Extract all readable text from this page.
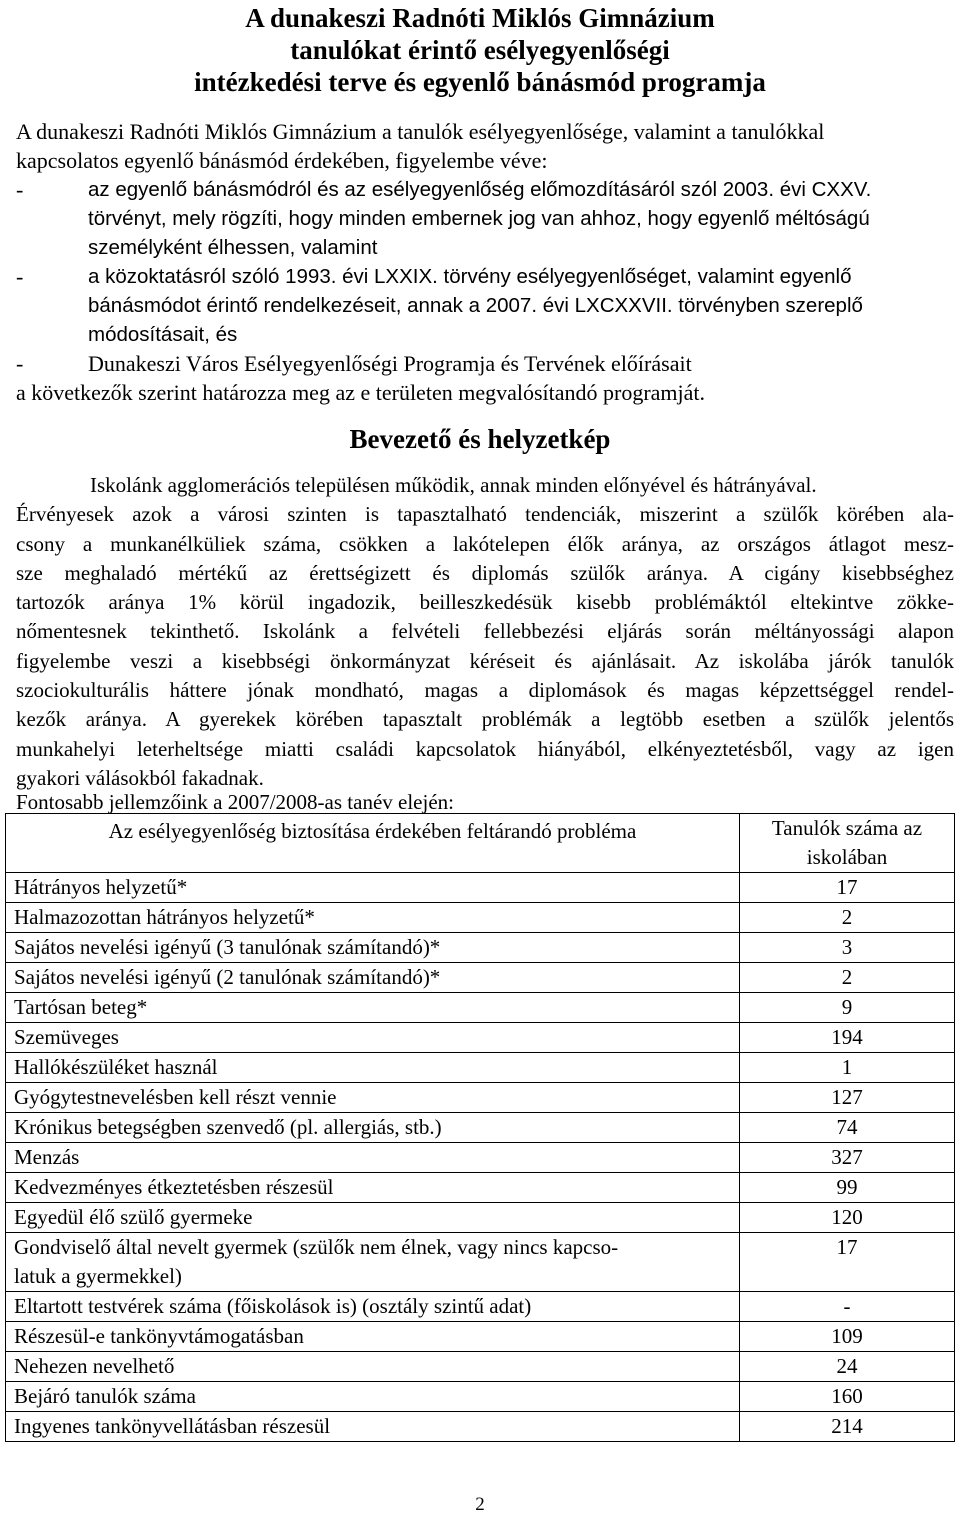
A dunakeszi Radnóti Miklós Gimnázium
tanulókat érintő esélyegyenlőségi
intézkedési terve és egyenlő bánásmód programja
A dunakeszi Radnóti Miklós Gimnázium a tanulók esélyegyenlősége, valamint a tanulókkal
kapcsolatos egyenlő bánásmód érdekében, figyelembe véve:
-	az egyenlő bánásmódról és az esélyegyenlőség előmozdításáról szól 2003. évi CXXV.
törvényt, mely rögzíti, hogy minden embernek jog van ahhoz, hogy egyenlő méltóságú
személyként élhessen, valamint
-	a közoktatásról szóló 1993. évi LXXIX. törvény esélyegyenlőséget, valamint egyenlő
bánásmódot érintő rendelkezéseit, annak a 2007. évi LXCXXVII. törvényben szereplő
módosításait, és
-	Dunakeszi Város Esélyegyenlőségi Programja és Tervének előírásait
a következők szerint határozza meg az e területen megvalósítandó programját.
Bevezető és helyzetkép
Iskolánk agglomerációs településen működik, annak minden előnyével és hátrányával.
Érvényesek azok a városi szinten is tapasztalható tendenciák, miszerint a szülők körében ala-
csony a munkanélküliek száma, csökken a lakótelepen élők aránya, az országos átlagot mesz-
sze meghaladó mértékű az érettségizett és diplomás szülők aránya. A cigány kisebbséghez
tartozók aránya 1% körül ingadozik, beilleszkedésük kisebb problémáktól eltekintve zökke-
nőmentesnek tekinthető. Iskolánk a felvételi fellebbezési eljárás során méltányossági alapon
figyelembe veszi a kisebbségi önkormányzat kéréseit és ajánlásait. Az iskolába járók tanulók
szociokulturális háttere jónak mondható, magas a diplomások és magas képzettséggel rendel-
kezők aránya. A gyerekek körében tapasztalt problémák a legtöbb esetben a szülők jelentős
munkahelyi leterheltsége miatti családi kapcsolatok hiányából, elkényeztetésből, vagy az igen
gyakori válásokból fakadnak.
Fontosabb jellemzőink a 2007/2008-as tanév elején:
Az esélyegyenlőség biztosítása érdekében feltárandó probléma	Tanulók száma az
iskolában

Hátrányos helyzetű*	17
Halmazozottan hátrányos helyzetű*	2
Sajátos nevelési igényű (3 tanulónak számítandó)*	3
Sajátos nevelési igényű (2 tanulónak számítandó)*	2
Tartósan beteg*	9
Szemüveges	194
Hallókészüléket használ	1
Gyógytestnevelésben kell részt vennie	127
Krónikus betegségben szenvedő (pl. allergiás, stb.)	74
Menzás	327
Kedvezményes étkeztetésben részesül	99
Egyedül élő szülő gyermeke	120

Gondviselő által nevelt gyermek (szülők nem élnek, vagy nincs kapcso-
latuk a gyermekkel)	17
Eltartott testvérek száma (főiskolások is) (osztály szintű adat)	-
Részesül-e tankönyvtámogatásban	109
Nehezen nevelhető	24
Bejáró tanulók száma	160
Ingyenes tankönyvellátásban részesül	214
2
